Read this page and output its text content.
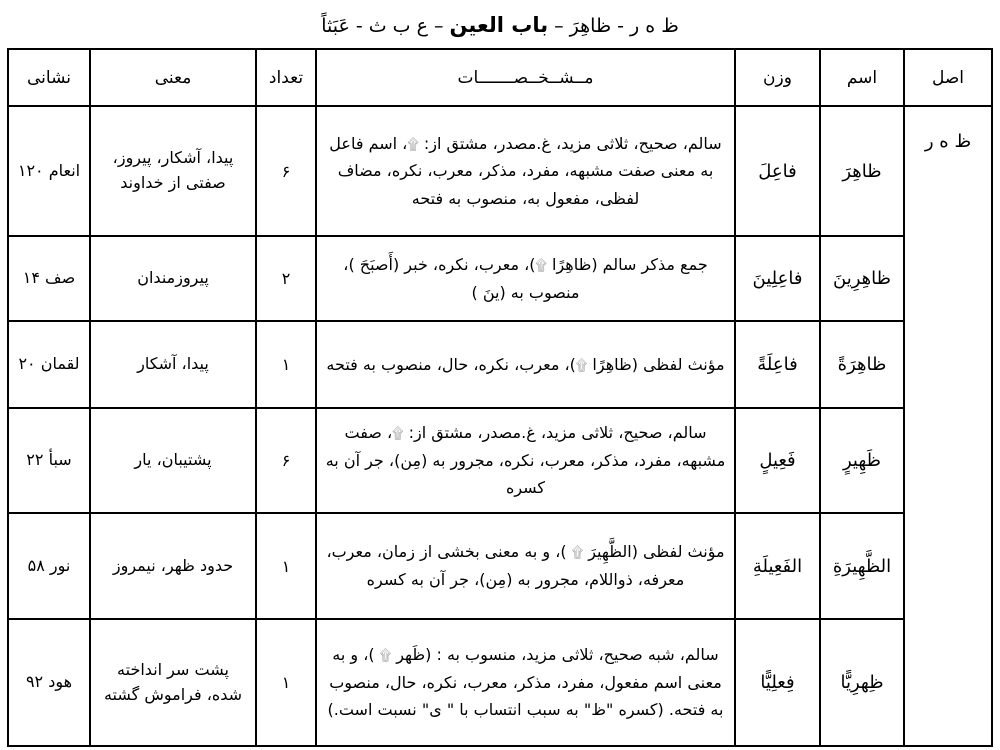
ظ ه ر - ظاهِرَ – باب العين – ع ب ث - عَبَثاً
اصل	اسم	وزن	مــشــخــصـــــــات	تعداد	معنی	نشانی
ظ ه ر	ظاهِرَ	فاعِلَ	سالم، صحیح، ثلاثی مزید، غ.مصدر، مشتق از: ۩، اسم فاعل به معنی صفت مشبهه، مفرد، مذکر، معرب، نکره، مضاف لفظی، مفعول به، منصوب به فتحه	۶	پیدا، آشکار، پیروز، صفتی از خداوند	انعام ۱۲۰
	ظاهِرِینَ	فاعِلِینَ	جمع مذکر سالم (ظاهِرًا ۩)، معرب، نکره، خبر (أَصبَحَ )، منصوب به (ینَ )	۲	پیروزمندان	صف ۱۴
	ظاهِرَةً	فاعِلَةً	مؤنث لفظی (ظاهِرًا ۩)، معرب، نکره، حال، منصوب به فتحه	۱	پیدا، آشکار	لقمان ۲۰
	ظَهِیرٍ	فَعِیلٍ	سالم، صحیح، ثلاثی مزید، غ.مصدر، مشتق از: ۩، صفت مشبهه، مفرد، مذکر، معرب، نکره، مجرور به (مِن)، جر آن به کسره	۶	پشتیبان، یار	سبأ ۲۲
	الظَّهِیرَةِ	الفَعِیلَةِ	مؤنث لفظی (الظَّهِیرَ ۩ )، و به معنی بخشی از زمان، معرب، معرفه، ذواللام، مجرور به (مِن)، جر آن به کسره	۱	حدود ظهر، نیمروز	نور ۵۸
	ظِهرِیًّا	فِعلِیًّا	سالم، شبه صحیح، ثلاثی مزید، منسوب به : (ظَهر ۩ )، و به معنی اسم مفعول، مفرد، مذکر، معرب، نکره، حال، منصوب به فتحه. (کسره "ظ" به سبب انتساب با " ی" نسبت است.)	۱	پشت سر انداخته شده، فراموش گشته	هود ۹۲
